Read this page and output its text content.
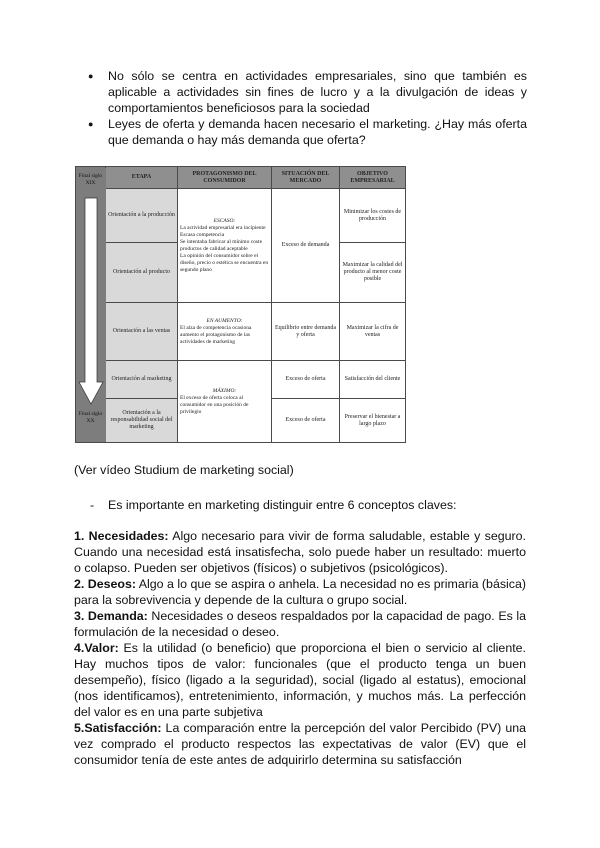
● No sólo se centra en actividades empresariales, sino que también es aplicable a actividades sin fines de lucro y a la divulgación de ideas y comportamientos beneficiosos para la sociedad
● Leyes de oferta y demanda hacen necesario el marketing. ¿Hay más oferta que demanda o hay más demanda que oferta?
Final siglo XIX
Final siglo XX	ETAPA	PROTAGONISMO DEL CONSUMIDOR	SITUACIÓN DEL MERCADO	OBJETIVO EMPRESARIAL
	Orientación a la producción	ESCASO:
La actividad empresarial era incipiente
Escasa competencia
Se intentaba fabricar al mínimo coste productos de calidad aceptable
La opinión del consumidor sobre el diseño, precio o estética se encuentra en segundo plano	Exceso de demanda	Minimizar los costes de producción
	Orientación al producto			Maximizar la calidad del producto al menor coste posible
	Orientación a las ventas	EN AUMENTO:
El alza de competencia ocasiona aumento el protagonismo de las actividades de marketing	Equilibrio entre demanda y oferta	Maximizar la cifra de ventas
	Orientación al marketing	MÁXIMO:
El exceso de oferta coloca al consumidor en una posición de privilegio	Exceso de oferta	Satisfacción del cliente
	Orientación a la responsabilidad social del marketing		Exceso de oferta	Preservar el bienestar a largo plazo
(Ver vídeo Studium de marketing social)
- Es importante en marketing distinguir entre 6 conceptos claves:

1. Necesidades: Algo necesario para vivir de forma saludable, estable y seguro. Cuando una necesidad está insatisfecha, solo puede haber un resultado: muerto o colapso. Pueden ser objetivos (físicos) o subjetivos (psicológicos).

2. Deseos: Algo a lo que se aspira o anhela. La necesidad no es primaria (básica) para la sobrevivencia y depende de la cultura o grupo social.

3. Demanda: Necesidades o deseos respaldados por la capacidad de pago. Es la formulación de la necesidad o deseo.

4.Valor: Es la utilidad (o beneficio) que proporciona el bien o servicio al cliente. Hay muchos tipos de valor: funcionales (que el producto tenga un buen desempeño), físico (ligado a la seguridad), social (ligado al estatus), emocional (nos identificamos), entretenimiento, información, y muchos más. La perfección del valor es en una parte subjetiva

5.Satisfacción: La comparación entre la percepción del valor Percibido (PV) una vez comprado el producto respectos las expectativas de valor (EV) que el consumidor tenía de este antes de adquirirlo determina su satisfacción
